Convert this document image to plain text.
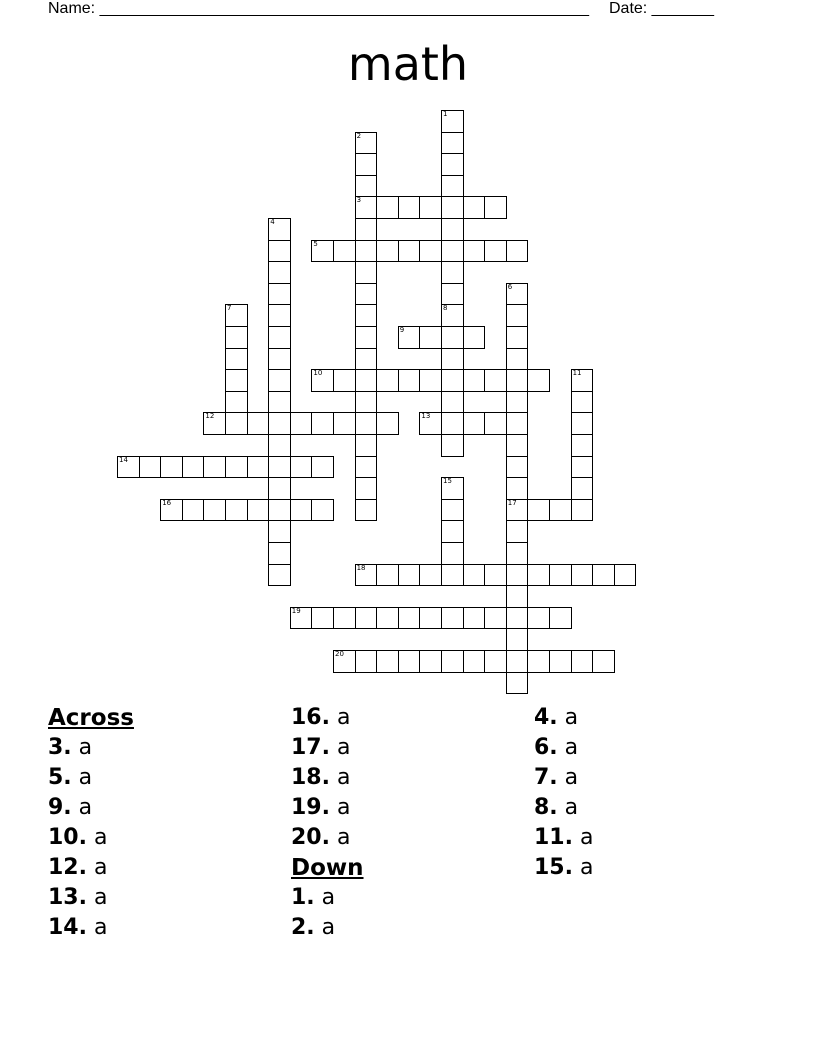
Name: _______________________________________________________ Date: _______
math
1
2
3
4
5
6
17
7	8
9
10	11
12	13
14
15
16
18
19
20
Across
3. a
5. a
9. a
10. a
12. a
13. a
14. a
16. a
17. a
18. a
19. a
20. a
Down
1. a
2. a
4. a
6. a
7. a
8. a
11. a
15. a
